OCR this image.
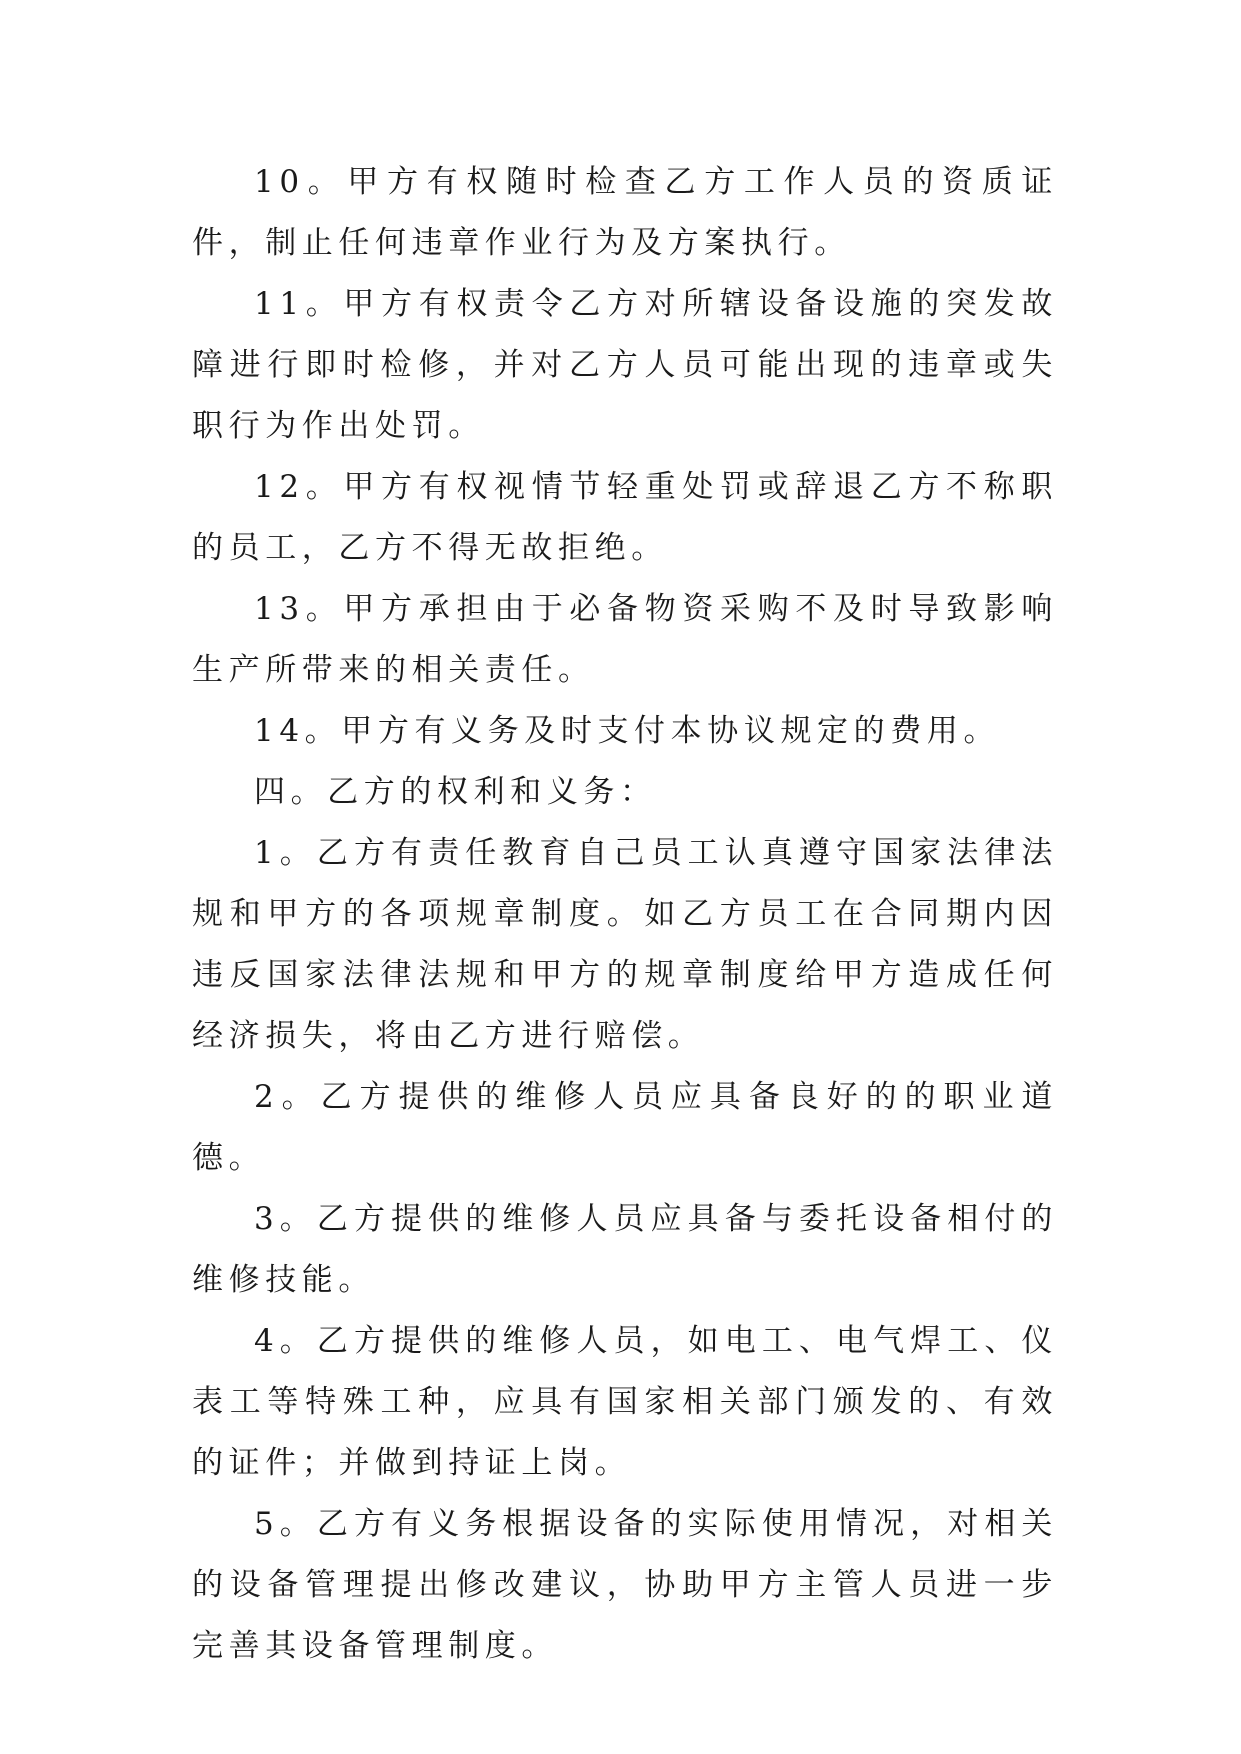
10。甲方有权随时检查乙方工作人员的资质证件，制止任何违章作业行为及方案执行。

11。甲方有权责令乙方对所辖设备设施的突发故障进行即时检修，并对乙方人员可能出现的违章或失职行为作出处罚。

12。甲方有权视情节轻重处罚或辞退乙方不称职的员工，乙方不得无故拒绝。

13。甲方承担由于必备物资采购不及时导致影响生产所带来的相关责任。

14。甲方有义务及时支付本协议规定的费用。

四。乙方的权利和义务：

1。乙方有责任教育自己员工认真遵守国家法律法规和甲方的各项规章制度。如乙方员工在合同期内因违反国家法律法规和甲方的规章制度给甲方造成任何经济损失，将由乙方进行赔偿。

2。乙方提供的维修人员应具备良好的的职业道德。

3。乙方提供的维修人员应具备与委托设备相付的维修技能。

4。乙方提供的维修人员，如电工、电气焊工、仪表工等特殊工种，应具有国家相关部门颁发的、有效的证件；并做到持证上岗。

5。乙方有义务根据设备的实际使用情况，对相关的设备管理提出修改建议，协助甲方主管人员进一步完善其设备管理制度。
